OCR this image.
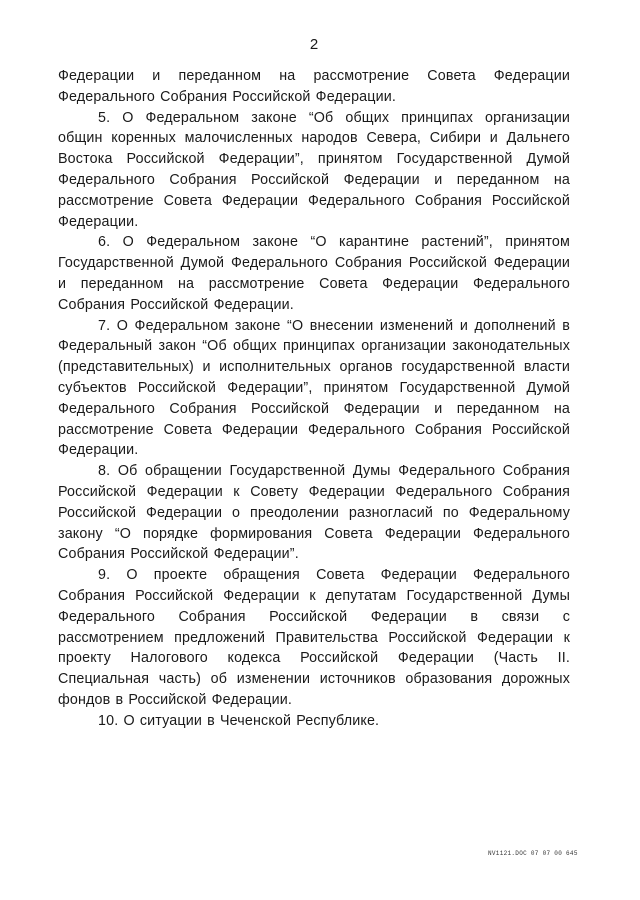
2

Федерации и переданном на рассмотрение Совета Федерации Федерального Собрания Российской Федерации.

5. О Федеральном законе “Об общих принципах организации общин коренных малочисленных народов Севера, Сибири и Дальнего Востока Российской Федерации”, принятом Государственной Думой Федерального Собрания Российской Федерации и переданном на рассмотрение Совета Федерации Федерального Собрания Российской Федерации.

6. О Федеральном законе “О карантине растений”, принятом Государственной Думой Федерального Собрания Российской Федерации и переданном на рассмотрение Совета Федерации Федерального Собрания Российской Федерации.

7. О Федеральном законе “О внесении изменений и дополнений в Федеральный закон “Об общих принципах организации законодательных (представительных) и исполнительных органов государственной власти субъектов Российской Федерации”, принятом Государственной Думой Федерального Собрания Российской Федерации и переданном на рассмотрение Совета Федерации Федерального Собрания Российской Федерации.

8. Об обращении Государственной Думы Федерального Собрания Российской Федерации к Совету Федерации Федерального Собрания Российской Федерации о преодолении разногласий по Федеральному закону “О порядке формирования Совета Федерации Федерального Собрания Российской Федерации”.

9. О проекте обращения Совета Федерации Федерального Собрания Российской Федерации к депутатам Государственной Думы Федерального Собрания Российской Федерации в связи с рассмотрением предложений Правительства Российской Федерации к проекту Налогового кодекса Российской Федерации (Часть II. Специальная часть) об изменении источников образования дорожных фондов в Российской Федерации.

10. О ситуации в Чеченской Республике.

NV1121.DOC 07 07 00 645
